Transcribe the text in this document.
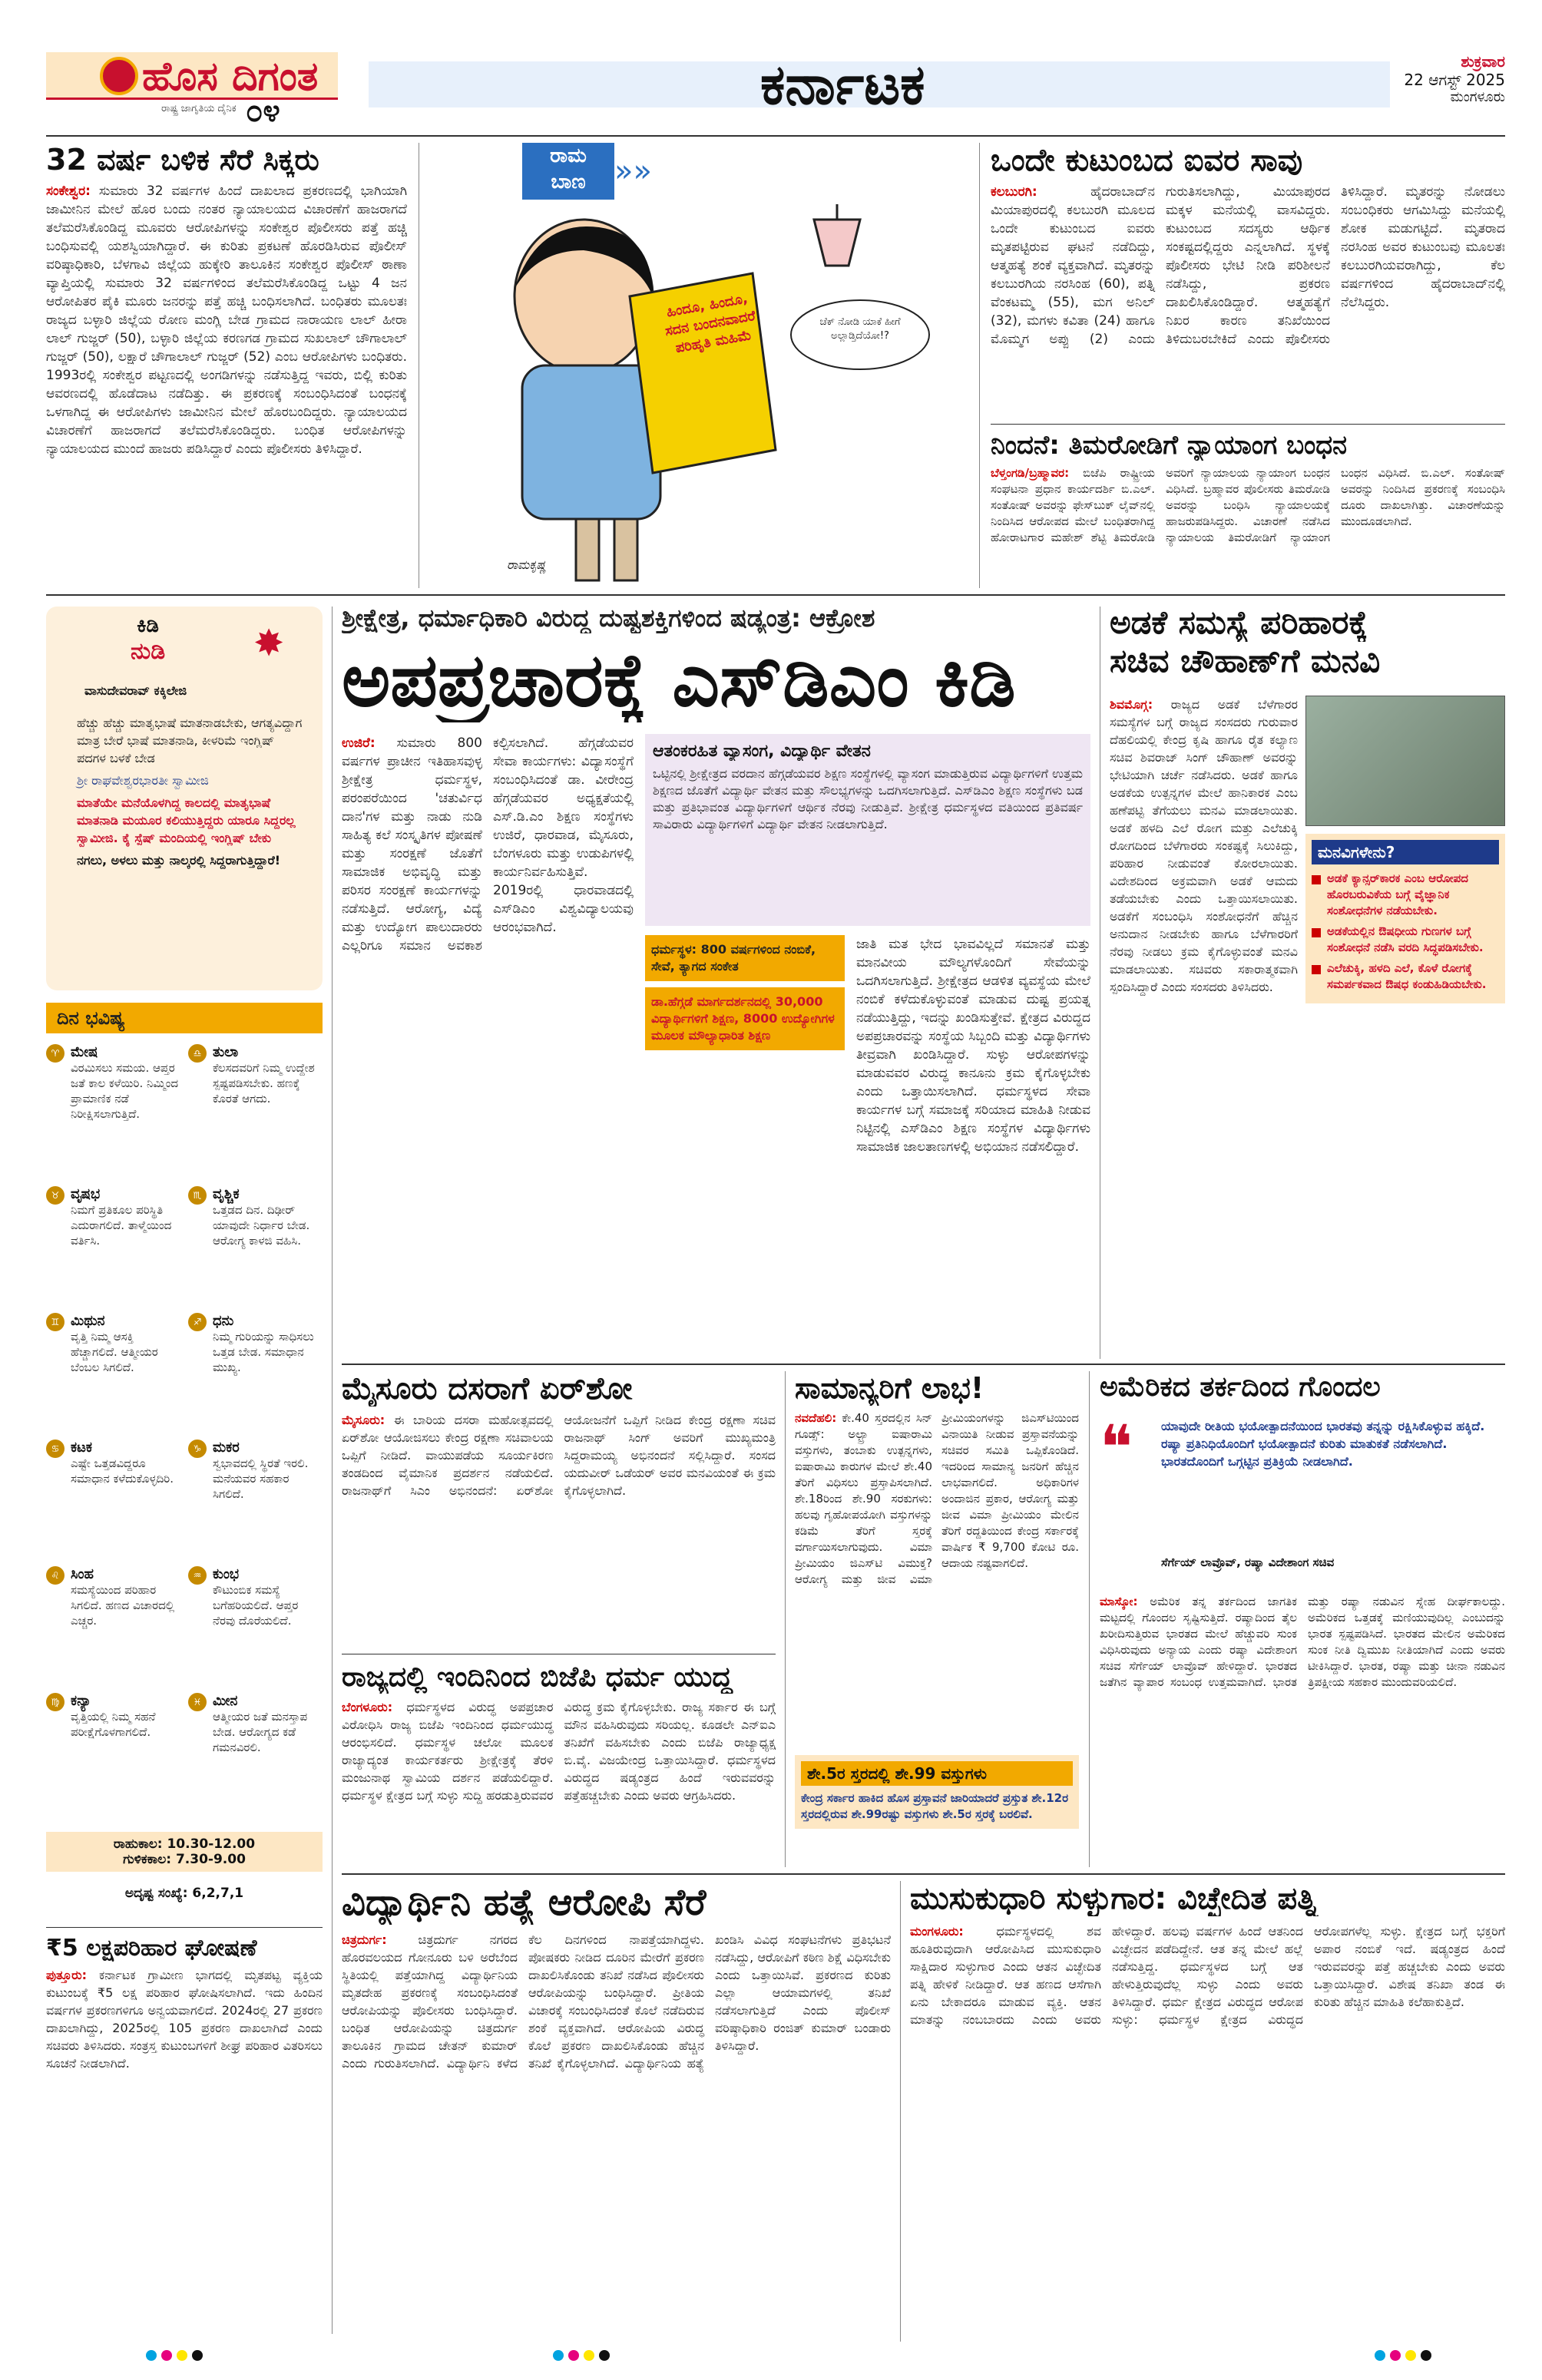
ಹೊಸ ದಿಗಂತ
ರಾಷ್ಟ್ರ ಜಾಗೃತಿಯ ದೈನಿಕ ೦೪	ಕರ್ನಾಟಕ	ಶುಕ್ರವಾರ
22 ಆಗಸ್ಟ್ 2025
ಮಂಗಳೂರು
32 ವರ್ಷ ಬಳಿಕ ಸೆರೆ ಸಿಕ್ಕರು
ಸಂಕೇಶ್ವರ: ಸುಮಾರು 32 ವರ್ಷಗಳ ಹಿಂದೆ ದಾಖಲಾದ ಪ್ರಕರಣದಲ್ಲಿ ಭಾಗಿಯಾಗಿ ಜಾಮೀನಿನ ಮೇಲೆ ಹೊರ ಬಂದು ನಂತರ ನ್ಯಾಯಾಲಯದ ವಿಚಾರಣೆಗೆ ಹಾಜರಾಗದೆ ತಲೆಮರೆಸಿಕೊಂಡಿದ್ದ ಮೂವರು ಆರೋಪಿಗಳನ್ನು ಸಂಕೇಶ್ವರ ಪೊಲೀಸರು ಪತ್ತೆ ಹಚ್ಚಿ ಬಂಧಿಸುವಲ್ಲಿ ಯಶಸ್ವಿಯಾಗಿದ್ದಾರೆ. ಈ ಕುರಿತು ಪ್ರಕಟಣೆ ಹೊರಡಿಸಿರುವ ಪೊಲೀಸ್ ವರಿಷ್ಠಾಧಿಕಾರಿ, ಬೆಳಗಾವಿ ಜಿಲ್ಲೆಯ ಹುಕ್ಕೇರಿ ತಾಲೂಕಿನ ಸಂಕೇಶ್ವರ ಪೊಲೀಸ್ ಠಾಣಾ ವ್ಯಾಪ್ತಿಯಲ್ಲಿ ಸುಮಾರು 32 ವರ್ಷಗಳಿಂದ ತಲೆಮರೆಸಿಕೊಂಡಿದ್ದ ಒಟ್ಟು 4 ಜನ ಆರೋಪಿತರ ಪೈಕಿ ಮೂರು ಜನರನ್ನು ಪತ್ತೆ ಹಚ್ಚಿ ಬಂಧಿಸಲಾಗಿದೆ. ಬಂಧಿತರು ಮೂಲತಃ ರಾಜ್ಯದ ಬಳ್ಳಾರಿ ಜಿಲ್ಲೆಯ ರೋಣ ಮಂಗ್ಲಿ ಬೇಡ ಗ್ರಾಮದ ನಾರಾಯಣ ಲಾಲ್ ಹೀರಾ ಲಾಲ್ ಗುಜ್ಜರ್ (50), ಬಳ್ಳಾರಿ ಜಿಲ್ಲೆಯ ಕರಣಗಡ ಗ್ರಾಮದ ಸುಖಲಾಲ್ ಚೌಗಾಲಾಲ್ ಗುಜ್ಜರ್ (50), ಲಕ್ಷಾರೆ ಚೌಗಾಲಾಲ್ ಗುಜ್ಜರ್ (52) ಎಂಬ ಆರೋಪಿಗಳು ಬಂಧಿತರು. 1993ರಲ್ಲಿ ಸಂಕೇಶ್ವರ ಪಟ್ಟಣದಲ್ಲಿ ಅಂಗಡಿಗಳನ್ನು ನಡೆಸುತ್ತಿದ್ದ ಇವರು, ಬಿಲ್ಲಿ ಕುರಿತು ಆವರಣದಲ್ಲಿ ಹೊಡೆದಾಟ ನಡೆದಿತ್ತು. ಈ ಪ್ರಕರಣಕ್ಕೆ ಸಂಬಂಧಿಸಿದಂತೆ ಬಂಧನಕ್ಕೆ ಒಳಗಾಗಿದ್ದ ಈ ಆರೋಪಿಗಳು ಜಾಮೀನಿನ ಮೇಲೆ ಹೊರಬಂದಿದ್ದರು. ನ್ಯಾಯಾಲಯದ ವಿಚಾರಣೆಗೆ ಹಾಜರಾಗದೆ ತಲೆಮರೆಸಿಕೊಂಡಿದ್ದರು. ಬಂಧಿತ ಆರೋಪಿಗಳನ್ನು ನ್ಯಾಯಾಲಯದ ಮುಂದೆ ಹಾಜರು ಪಡಿಸಿದ್ದಾರೆ ಎಂದು ಪೊಲೀಸರು ತಿಳಿಸಿದ್ದಾರೆ.
ರಾಮ
ಬಾಣ »»
ಹಿಂದೂ, ಹಿಂದೂ, ಸದನ ಬಂದನವಾದರೆ ಪರಿಹೃತಿ ಮಹಿಮೆ
ಚೆಕ್ ನೋಡಿ ಯಾಕೆ ಹೀಗೆ ಅಲ್ಲಾಡ್ತಿದೆಯೋ!?
ರಾಮಕೃಷ್ಣ
ಒಂದೇ ಕುಟುಂಬದ ಐವರ ಸಾವು
ಕಲಬುರಗಿ:	ಹೈದರಾಬಾದ್‌ನ ಮಿಯಾಪುರದಲ್ಲಿ ಕಲಬುರಗಿ ಮೂಲದ ಒಂದೇ ಕುಟುಂಬದ ಐವರು ಮೃತಪಟ್ಟಿರುವ ಘಟನೆ ನಡೆದಿದ್ದು, ಆತ್ಮಹತ್ಯೆ ಶಂಕೆ ವ್ಯಕ್ತವಾಗಿದೆ. ಮೃತರನ್ನು ಕಲಬುರಗಿಯ ನರಸಿಂಹ (60), ಪತ್ನಿ ವೆಂಕಟಮ್ಮ (55), ಮಗ ಅನಿಲ್ (32), ಮಗಳು ಕವಿತಾ (24) ಹಾಗೂ ಮೊಮ್ಮಗ ಅಪ್ಪು (2) ಎಂದು ಗುರುತಿಸಲಾಗಿದ್ದು, ಮಿಯಾಪುರದ ಮಕ್ಕಳ ಮನೆಯಲ್ಲಿ ವಾಸವಿದ್ದರು. ಕುಟುಂಬದ ಸದಸ್ಯರು ಆರ್ಥಿಕ ಸಂಕಷ್ಟದಲ್ಲಿದ್ದರು ಎನ್ನಲಾಗಿದೆ. ಸ್ಥಳಕ್ಕೆ ಪೊಲೀಸರು ಭೇಟಿ ನೀಡಿ ಪರಿಶೀಲನೆ ನಡೆಸಿದ್ದು, ಪ್ರಕರಣ ದಾಖಲಿಸಿಕೊಂಡಿದ್ದಾರೆ. ಆತ್ಮಹತ್ಯೆಗೆ ನಿಖರ ಕಾರಣ ತನಿಖೆಯಿಂದ ತಿಳಿದುಬರಬೇಕಿದೆ ಎಂದು ಪೊಲೀಸರು ತಿಳಿಸಿದ್ದಾರೆ. ಮೃತರನ್ನು ನೋಡಲು ಸಂಬಂಧಿಕರು ಆಗಮಿಸಿದ್ದು ಮನೆಯಲ್ಲಿ ಶೋಕ ಮಡುಗಟ್ಟಿದೆ. ಮೃತರಾದ ನರಸಿಂಹ ಅವರ ಕುಟುಂಬವು ಮೂಲತಃ ಕಲಬುರಗಿಯವರಾಗಿದ್ದು, ಕೆಲ ವರ್ಷಗಳಿಂದ ಹೈದರಾಬಾದ್‌ನಲ್ಲಿ ನೆಲೆಸಿದ್ದರು.
ನಿಂದನೆ: ತಿಮರೋಡಿಗೆ ನ್ಯಾಯಾಂಗ ಬಂಧನ
ಬೆಳ್ತಂಗಡಿ/ಬ್ರಹ್ಮಾವರ: ಬಿಜೆಪಿ ರಾಷ್ಟ್ರೀಯ ಸಂಘಟನಾ ಪ್ರಧಾನ ಕಾರ್ಯದರ್ಶಿ ಬಿ.ಎಲ್. ಸಂತೋಷ್ ಅವರನ್ನು ಫೇಸ್‌ಬುಕ್ ಲೈವ್‌ನಲ್ಲಿ ನಿಂದಿಸಿದ ಆರೋಪದ ಮೇಲೆ ಬಂಧಿತರಾಗಿದ್ದ ಹೋರಾಟಗಾರ ಮಹೇಶ್ ಶೆಟ್ಟಿ ತಿಮರೋಡಿ ಅವರಿಗೆ ನ್ಯಾಯಾಲಯ ನ್ಯಾಯಾಂಗ ಬಂಧನ ವಿಧಿಸಿದೆ. ಬ್ರಹ್ಮಾವರ ಪೊಲೀಸರು ತಿಮರೋಡಿ ಅವರನ್ನು ಬಂಧಿಸಿ ನ್ಯಾಯಾಲಯಕ್ಕೆ ಹಾಜರುಪಡಿಸಿದ್ದರು. ವಿಚಾರಣೆ ನಡೆಸಿದ ನ್ಯಾಯಾಲಯ ತಿಮರೋಡಿಗೆ ನ್ಯಾಯಾಂಗ ಬಂಧನ ವಿಧಿಸಿದೆ. ಬಿ.ಎಲ್. ಸಂತೋಷ್ ಅವರನ್ನು ನಿಂದಿಸಿದ ಪ್ರಕರಣಕ್ಕೆ ಸಂಬಂಧಿಸಿ ದೂರು ದಾಖಲಾಗಿತ್ತು. ವಿಚಾರಣೆಯನ್ನು ಮುಂದೂಡಲಾಗಿದೆ.
ಕಿಡಿ
ನುಡಿ ✸
ವಾಸುದೇವರಾವ್ ಕಕ್ಕಿಲೇಜಿ
ಹೆಚ್ಚು ಹೆಚ್ಚು ಮಾತೃಭಾಷೆ ಮಾತನಾಡಬೇಕು, ಆಗತ್ಯವಿದ್ದಾಗ ಮಾತ್ರ ಬೇರೆ ಭಾಷೆ ಮಾತನಾಡಿ, ಕೀಳರಿಮೆ ಇಂಗ್ಲಿಷ್ ಪದಗಳ ಬಳಕೆ ಬೇಡ
ಶ್ರೀ ರಾಘವೇಶ್ವರಭಾರತೀ ಸ್ವಾಮೀಜಿ
ಮಾತೆಯೇ ಮನೆಯೊಳಗಿದ್ದ ಕಾಲದಲ್ಲಿ ಮಾತೃಭಾಷೆ ಮಾತನಾಡಿ ಮಯೂರ ಕಲಿಯುತ್ತಿದ್ದರು ಯಾರೂ ಸಿದ್ದರಲ್ಲ ಸ್ವಾಮೀಜಿ. ಕೈ ಸ್ಪೆಷ್ ಮಂದಿಯಲ್ಲಿ ಇಂಗ್ಲಿಷ್ ಬೇಕು
ನಗಲು, ಅಳಲು ಮತ್ತು ನಾಲ್ಕರಲ್ಲಿ ಸಿದ್ದರಾಗುತ್ತಿದ್ದಾರೆ!
ದಿನ ಭವಿಷ್ಯ
♈ ಮೇಷ
ವಿರಮಿಸಲು ಸಮಯ. ಆಪ್ತರ ಜತೆ ಕಾಲ ಕಳೆಯಿರಿ. ನಿಮ್ಮಿಂದ ಪ್ರಾಮಾಣಿಕ ನಡೆ ನಿರೀಕ್ಷಿಸಲಾಗುತ್ತಿದೆ.
♎ ತುಲಾ
ಕೆಲಸದವರಿಗೆ ನಿಮ್ಮ ಉದ್ದೇಶ ಸ್ಪಷ್ಟಪಡಿಸಬೇಕು. ಹಣಕ್ಕೆ ಕೊರತೆ ಆಗದು.
♉ ವೃಷಭ
ನಿಮಗೆ ಪ್ರತಿಕೂಲ ಪರಿಸ್ಥಿತಿ ಎದುರಾಗಲಿದೆ. ತಾಳ್ಮೆಯಿಂದ ವರ್ತಿಸಿ.
♏ ವೃಶ್ಚಿಕ
ಒತ್ತಡದ ದಿನ. ದಿಢೀರ್ ಯಾವುದೇ ನಿರ್ಧಾರ ಬೇಡ. ಆರೋಗ್ಯ ಕಾಳಜಿ ವಹಿಸಿ.
♊ ಮಿಥುನ
ವೃತ್ತಿ ನಿಮ್ಮ ಆಸಕ್ತಿ ಹೆಚ್ಚಾಗಲಿದೆ. ಆತ್ಮೀಯರ ಬೆಂಬಲ ಸಿಗಲಿದೆ.
♐ ಧನು
ನಿಮ್ಮ ಗುರಿಯನ್ನು ಸಾಧಿಸಲು ಒತ್ತಡ ಬೇಡ. ಸಮಾಧಾನ ಮುಖ್ಯ.
♋ ಕಟಕ
ಎಷ್ಟೇ ಒತ್ತಡವಿದ್ದರೂ ಸಮಾಧಾನ ಕಳೆದುಕೊಳ್ಳದಿರಿ.
♑ ಮಕರ
ಸ್ವಭಾವದಲ್ಲಿ ಸ್ಥಿರತೆ ಇರಲಿ. ಮನೆಯವರ ಸಹಕಾರ ಸಿಗಲಿದೆ.
♌ ಸಿಂಹ
ಸಮಸ್ಯೆಯಿಂದ ಪರಿಹಾರ ಸಿಗಲಿದೆ. ಹಣದ ವಿಚಾರದಲ್ಲಿ ಎಚ್ಚರ.
♒ ಕುಂಭ
ಕೌಟುಂಬಿಕ ಸಮಸ್ಯೆ ಬಗೆಹರಿಯಲಿದೆ. ಆಪ್ತರ ನೆರವು ದೊರೆಯಲಿದೆ.
♍ ಕನ್ಯಾ
ವೃತ್ತಿಯಲ್ಲಿ ನಿಮ್ಮ ಸಹನೆ ಪರೀಕ್ಷೆಗೊಳಗಾಗಲಿದೆ.
♓ ಮೀನ
ಆತ್ಮೀಯರ ಜತೆ ಮನಸ್ತಾಪ ಬೇಡ. ಆರೋಗ್ಯದ ಕಡೆ ಗಮನವಿರಲಿ.
ರಾಹುಕಾಲ: 10.30-12.00
ಗುಳಿಕಕಾಲ: 7.30-9.00
ಅದೃಷ್ಟ ಸಂಖ್ಯೆ: 6,2,7,1
₹5 ಲಕ್ಷಪರಿಹಾರ ಘೋಷಣೆ
ಪುತ್ತೂರು: ಕರ್ನಾಟಕ ಗ್ರಾಮೀಣ ಭಾಗದಲ್ಲಿ ಮೃತಪಟ್ಟ ವ್ಯಕ್ತಿಯ ಕುಟುಂಬಕ್ಕೆ ₹5 ಲಕ್ಷ ಪರಿಹಾರ ಘೋಷಿಸಲಾಗಿದೆ. ಇದು ಹಿಂದಿನ ವರ್ಷಗಳ ಪ್ರಕರಣಗಳಿಗೂ ಅನ್ವಯವಾಗಲಿದೆ. 2024ರಲ್ಲಿ 27 ಪ್ರಕರಣ ದಾಖಲಾಗಿದ್ದು, 2025ರಲ್ಲಿ 105 ಪ್ರಕರಣ ದಾಖಲಾಗಿದೆ ಎಂದು ಸಚಿವರು ತಿಳಿಸಿದರು. ಸಂತ್ರಸ್ತ ಕುಟುಂಬಗಳಿಗೆ ಶೀಘ್ರ ಪರಿಹಾರ ವಿತರಿಸಲು ಸೂಚನೆ ನೀಡಲಾಗಿದೆ.
ಶ್ರೀಕ್ಷೇತ್ರ, ಧರ್ಮಾಧಿಕಾರಿ ವಿರುದ್ಧ ದುಷ್ಟಶಕ್ತಿಗಳಿಂದ ಷಡ್ಯಂತ್ರ: ಆಕ್ರೋಶ
ಅಪಪ್ರಚಾರಕ್ಕೆ ಎಸ್‌ಡಿಎಂ ಕಿಡಿ
ಉಜಿರೆ: ಸುಮಾರು 800 ವರ್ಷಗಳ ಪ್ರಾಚೀನ ಇತಿಹಾಸವುಳ್ಳ ಶ್ರೀಕ್ಷೇತ್ರ ಧರ್ಮಸ್ಥಳ, ಪರಂಪರೆಯಿಂದ 'ಚತುರ್ವಿಧ ದಾನ'ಗಳ ಮತ್ತು ನಾಡು ನುಡಿ ಸಾಹಿತ್ಯ ಕಲೆ ಸಂಸ್ಕೃತಿಗಳ ಪೋಷಣೆ ಮತ್ತು ಸಂರಕ್ಷಣೆ ಜೊತೆಗೆ ಸಾಮಾಜಿಕ ಅಭಿವೃದ್ಧಿ ಮತ್ತು ಪರಿಸರ ಸಂರಕ್ಷಣೆ ಕಾರ್ಯಗಳನ್ನು ನಡೆಸುತ್ತಿದೆ. ಆರೋಗ್ಯ, ವಿದ್ಯೆ ಮತ್ತು ಉದ್ಯೋಗ ಪಾಲುದಾರರು ಎಲ್ಲರಿಗೂ ಸಮಾನ ಅವಕಾಶ ಕಲ್ಪಿಸಲಾಗಿದೆ. ಹೆಗ್ಗಡೆಯವರ ಸೇವಾ ಕಾರ್ಯಗಳು: ವಿದ್ಯಾಸಂಸ್ಥೆಗೆ ಸಂಬಂಧಿಸಿದಂತೆ ಡಾ. ವೀರೇಂದ್ರ ಹೆಗ್ಗಡೆಯವರ ಅಧ್ಯಕ್ಷತೆಯಲ್ಲಿ ಎಸ್.ಡಿ.ಎಂ ಶಿಕ್ಷಣ ಸಂಸ್ಥೆಗಳು ಉಜಿರೆ, ಧಾರವಾಡ, ಮೈಸೂರು, ಬೆಂಗಳೂರು ಮತ್ತು ಉಡುಪಿಗಳಲ್ಲಿ ಕಾರ್ಯನಿರ್ವಹಿಸುತ್ತಿವೆ. 2019ರಲ್ಲಿ ಧಾರವಾಡದಲ್ಲಿ ಎಸ್‌ಡಿಎಂ ವಿಶ್ವವಿದ್ಯಾಲಯವು ಆರಂಭವಾಗಿದೆ.
ಆತಂಕರಹಿತ ವ್ಯಾಸಂಗ, ವಿದ್ಯಾರ್ಥಿ ವೇತನ
ಒಟ್ಟಿನಲ್ಲಿ ಶ್ರೀಕ್ಷೇತ್ರದ ವರದಾನ ಹೆಗ್ಗಡೆಯವರ ಶಿಕ್ಷಣ ಸಂಸ್ಥೆಗಳಲ್ಲಿ ವ್ಯಾಸಂಗ ಮಾಡುತ್ತಿರುವ ವಿದ್ಯಾರ್ಥಿಗಳಿಗೆ ಉತ್ತಮ ಶಿಕ್ಷಣದ ಜೊತೆಗೆ ವಿದ್ಯಾರ್ಥಿ ವೇತನ ಮತ್ತು ಸೌಲಭ್ಯಗಳನ್ನು ಒದಗಿಸಲಾಗುತ್ತಿದೆ. ಎಸ್‌ಡಿಎಂ ಶಿಕ್ಷಣ ಸಂಸ್ಥೆಗಳು ಬಡ ಮತ್ತು ಪ್ರತಿಭಾವಂತ ವಿದ್ಯಾರ್ಥಿಗಳಿಗೆ ಆರ್ಥಿಕ ನೆರವು ನೀಡುತ್ತಿವೆ. ಶ್ರೀಕ್ಷೇತ್ರ ಧರ್ಮಸ್ಥಳದ ವತಿಯಿಂದ ಪ್ರತಿವರ್ಷ ಸಾವಿರಾರು ವಿದ್ಯಾರ್ಥಿಗಳಿಗೆ ವಿದ್ಯಾರ್ಥಿ ವೇತನ ನೀಡಲಾಗುತ್ತಿದೆ.
ಧರ್ಮಸ್ಥಳ: 800 ವರ್ಷಗಳಿಂದ ನಂಬಿಕೆ, ಸೇವೆ, ತ್ಯಾಗದ ಸಂಕೇತ
ಡಾ.ಹೆಗ್ಗಡೆ ಮಾರ್ಗದರ್ಶನದಲ್ಲಿ 30,000 ವಿದ್ಯಾರ್ಥಿಗಳಿಗೆ ಶಿಕ್ಷಣ, 8000 ಉದ್ಯೋಗಿಗಳ ಮೂಲಕ ಮೌಲ್ಯಾಧಾರಿತ ಶಿಕ್ಷಣ
ಜಾತಿ ಮತ ಭೇದ ಭಾವವಿಲ್ಲದೆ ಸಮಾನತೆ ಮತ್ತು ಮಾನವೀಯ ಮೌಲ್ಯಗಳೊಂದಿಗೆ ಸೇವೆಯನ್ನು ಒದಗಿಸಲಾಗುತ್ತಿದೆ. ಶ್ರೀಕ್ಷೇತ್ರದ ಆಡಳಿತ ವ್ಯವಸ್ಥೆಯ ಮೇಲೆ ನಂಬಿಕೆ ಕಳೆದುಕೊಳ್ಳುವಂತೆ ಮಾಡುವ ದುಷ್ಟ ಪ್ರಯತ್ನ ನಡೆಯುತ್ತಿದ್ದು, ಇದನ್ನು ಖಂಡಿಸುತ್ತೇವೆ. ಕ್ಷೇತ್ರದ ವಿರುದ್ಧದ ಅಪಪ್ರಚಾರವನ್ನು ಸಂಸ್ಥೆಯ ಸಿಬ್ಬಂದಿ ಮತ್ತು ವಿದ್ಯಾರ್ಥಿಗಳು ತೀವ್ರವಾಗಿ ಖಂಡಿಸಿದ್ದಾರೆ. ಸುಳ್ಳು ಆರೋಪಗಳನ್ನು ಮಾಡುವವರ ವಿರುದ್ಧ ಕಾನೂನು ಕ್ರಮ ಕೈಗೊಳ್ಳಬೇಕು ಎಂದು ಒತ್ತಾಯಿಸಲಾಗಿದೆ. ಧರ್ಮಸ್ಥಳದ ಸೇವಾ ಕಾರ್ಯಗಳ ಬಗ್ಗೆ ಸಮಾಜಕ್ಕೆ ಸರಿಯಾದ ಮಾಹಿತಿ ನೀಡುವ ನಿಟ್ಟಿನಲ್ಲಿ ಎಸ್‌ಡಿಎಂ ಶಿಕ್ಷಣ ಸಂಸ್ಥೆಗಳ ವಿದ್ಯಾರ್ಥಿಗಳು ಸಾಮಾಜಿಕ ಜಾಲತಾಣಗಳಲ್ಲಿ ಅಭಿಯಾನ ನಡೆಸಲಿದ್ದಾರೆ.
ಅಡಕೆ ಸಮಸ್ಯೆ ಪರಿಹಾರಕ್ಕೆ
ಸಚಿವ ಚೌಹಾಣ್‌ಗೆ ಮನವಿ
ಶಿವಮೊಗ್ಗ: ರಾಜ್ಯದ ಅಡಕೆ ಬೆಳೆಗಾರರ ಸಮಸ್ಯೆಗಳ ಬಗ್ಗೆ ರಾಜ್ಯದ ಸಂಸದರು ಗುರುವಾರ ದೆಹಲಿಯಲ್ಲಿ ಕೇಂದ್ರ ಕೃಷಿ ಹಾಗೂ ರೈತ ಕಲ್ಯಾಣ ಸಚಿವ ಶಿವರಾಜ್ ಸಿಂಗ್ ಚೌಹಾಣ್ ಅವರನ್ನು ಭೇಟಿಯಾಗಿ ಚರ್ಚೆ ನಡೆಸಿದರು. ಅಡಕೆ ಹಾಗೂ ಅಡಕೆಯ ಉತ್ಪನ್ನಗಳ ಮೇಲೆ ಹಾನಿಕಾರಕ ಎಂಬ ಹಣೆಪಟ್ಟಿ ತೆಗೆಯಲು ಮನವಿ ಮಾಡಲಾಯಿತು. ಅಡಕೆ ಹಳದಿ ಎಲೆ ರೋಗ ಮತ್ತು ಎಲೆಚುಕ್ಕಿ ರೋಗದಿಂದ ಬೆಳೆಗಾರರು ಸಂಕಷ್ಟಕ್ಕೆ ಸಿಲುಕಿದ್ದು, ಪರಿಹಾರ ನೀಡುವಂತೆ ಕೋರಲಾಯಿತು. ವಿದೇಶದಿಂದ ಅಕ್ರಮವಾಗಿ ಅಡಕೆ ಆಮದು ತಡೆಯಬೇಕು ಎಂದು ಒತ್ತಾಯಿಸಲಾಯಿತು. ಅಡಕೆಗೆ ಸಂಬಂಧಿಸಿ ಸಂಶೋಧನೆಗೆ ಹೆಚ್ಚಿನ ಅನುದಾನ ನೀಡಬೇಕು ಹಾಗೂ ಬೆಳೆಗಾರರಿಗೆ ನೆರವು ನೀಡಲು ಕ್ರಮ ಕೈಗೊಳ್ಳುವಂತೆ ಮನವಿ ಮಾಡಲಾಯಿತು. ಸಚಿವರು ಸಕಾರಾತ್ಮಕವಾಗಿ ಸ್ಪಂದಿಸಿದ್ದಾರೆ ಎಂದು ಸಂಸದರು ತಿಳಿಸಿದರು.
ಮನವಿಗಳೇನು?
ಅಡಕೆ ಕ್ಯಾನ್ಸರ್‌ಕಾರಕ ಎಂಬ ಆರೋಪದ ಹೊರಬರುವಿಕೆಯ ಬಗ್ಗೆ ವೈಜ್ಞಾನಿಕ ಸಂಶೋಧನೆಗಳ ನಡೆಯಬೇಕು.
ಅಡಕೆಯಲ್ಲಿನ ಔಷಧೀಯ ಗುಣಗಳ ಬಗ್ಗೆ ಸಂಶೋಧನೆ ನಡೆಸಿ ವರದಿ ಸಿದ್ಧಪಡಿಸಬೇಕು.
ಎಲೆಚುಕ್ಕಿ, ಹಳದಿ ಎಲೆ, ಕೊಳೆ ರೋಗಕ್ಕೆ ಸಮರ್ಪಕವಾದ ಔಷಧ ಕಂಡುಹಿಡಿಯಬೇಕು.
ಮೈಸೂರು ದಸರಾಗೆ ಏರ್‌ಶೋ
ಮೈಸೂರು: ಈ ಬಾರಿಯ ದಸರಾ ಮಹೋತ್ಸವದಲ್ಲಿ ಏರ್‌ಶೋ ಆಯೋಜಿಸಲು ಕೇಂದ್ರ ರಕ್ಷಣಾ ಸಚಿವಾಲಯ ಒಪ್ಪಿಗೆ ನೀಡಿದೆ. ವಾಯುಪಡೆಯ ಸೂರ್ಯಕಿರಣ ತಂಡದಿಂದ ವೈಮಾನಿಕ ಪ್ರದರ್ಶನ ನಡೆಯಲಿದೆ. ರಾಜನಾಥ್‌ಗೆ ಸಿಎಂ ಅಭಿನಂದನೆ: ಏರ್‌ಶೋ ಆಯೋಜನೆಗೆ ಒಪ್ಪಿಗೆ ನೀಡಿದ ಕೇಂದ್ರ ರಕ್ಷಣಾ ಸಚಿವ ರಾಜನಾಥ್ ಸಿಂಗ್ ಅವರಿಗೆ ಮುಖ್ಯಮಂತ್ರಿ ಸಿದ್ದರಾಮಯ್ಯ ಅಭಿನಂದನೆ ಸಲ್ಲಿಸಿದ್ದಾರೆ. ಸಂಸದ ಯದುವೀರ್ ಒಡೆಯರ್ ಅವರ ಮನವಿಯಂತೆ ಈ ಕ್ರಮ ಕೈಗೊಳ್ಳಲಾಗಿದೆ.
ರಾಜ್ಯದಲ್ಲಿ ಇಂದಿನಿಂದ ಬಿಜೆಪಿ ಧರ್ಮ ಯುದ್ಧ
ಬೆಂಗಳೂರು: ಧರ್ಮಸ್ಥಳದ ವಿರುದ್ಧ ಅಪಪ್ರಚಾರ ವಿರೋಧಿಸಿ ರಾಜ್ಯ ಬಿಜೆಪಿ ಇಂದಿನಿಂದ ಧರ್ಮಯುದ್ಧ ಆರಂಭಿಸಲಿದೆ. ಧರ್ಮಸ್ಥಳ ಚಲೋ ಮೂಲಕ ರಾಜ್ಯಾದ್ಯಂತ ಕಾರ್ಯಕರ್ತರು ಶ್ರೀಕ್ಷೇತ್ರಕ್ಕೆ ತೆರಳಿ ಮಂಜುನಾಥ ಸ್ವಾಮಿಯ ದರ್ಶನ ಪಡೆಯಲಿದ್ದಾರೆ. ಧರ್ಮಸ್ಥಳ ಕ್ಷೇತ್ರದ ಬಗ್ಗೆ ಸುಳ್ಳು ಸುದ್ದಿ ಹರಡುತ್ತಿರುವವರ ವಿರುದ್ಧ ಕ್ರಮ ಕೈಗೊಳ್ಳಬೇಕು. ರಾಜ್ಯ ಸರ್ಕಾರ ಈ ಬಗ್ಗೆ ಮೌನ ವಹಿಸಿರುವುದು ಸರಿಯಲ್ಲ. ಕೂಡಲೇ ಎನ್‌ಐಎ ತನಿಖೆಗೆ ವಹಿಸಬೇಕು ಎಂದು ಬಿಜೆಪಿ ರಾಜ್ಯಾಧ್ಯಕ್ಷ ಬಿ.ವೈ. ವಿಜಯೇಂದ್ರ ಒತ್ತಾಯಿಸಿದ್ದಾರೆ. ಧರ್ಮಸ್ಥಳದ ವಿರುದ್ಧದ ಷಡ್ಯಂತ್ರದ ಹಿಂದೆ ಇರುವವರನ್ನು ಪತ್ತೆಹಚ್ಚಬೇಕು ಎಂದು ಅವರು ಆಗ್ರಹಿಸಿದರು.
ಸಾಮಾನ್ಯರಿಗೆ ಲಾಭ!
ನವದೆಹಲಿ: ಕೇ.40 ಸ್ತರದಲ್ಲಿನ ಸಿನ್ ಗೂಡ್ಸ್: ಅಲ್ಟ್ರಾ ಐಷಾರಾಮಿ ವಸ್ತುಗಳು, ತಂಬಾಕು ಉತ್ಪನ್ನಗಳು, ಐಷಾರಾಮಿ ಕಾರುಗಳ ಮೇಲೆ ಶೇ.40 ತೆರಿಗೆ ವಿಧಿಸಲು ಪ್ರಸ್ತಾಪಿಸಲಾಗಿದೆ. ಶೇ.18ರಿಂದ ಶೇ.90 ಸರಕುಗಳು: ಹಲವು ಗೃಹೋಪಯೋಗಿ ವಸ್ತುಗಳನ್ನು ಕಡಿಮೆ ತೆರಿಗೆ ಸ್ತರಕ್ಕೆ ವರ್ಗಾಯಿಸಲಾಗುವುದು. ವಿಮಾ ಪ್ರೀಮಿಯಂ ಜಿಎಸ್‌ಟಿ ವಿಮುಕ್ತ? ಆರೋಗ್ಯ ಮತ್ತು ಜೀವ ವಿಮಾ ಪ್ರೀಮಿಯಂಗಳನ್ನು ಜಿಎಸ್‌ಟಿಯಿಂದ ವಿನಾಯಿತಿ ನೀಡುವ ಪ್ರಸ್ತಾವನೆಯನ್ನು ಸಚಿವರ ಸಮಿತಿ ಒಪ್ಪಿಕೊಂಡಿದೆ. ಇದರಿಂದ ಸಾಮಾನ್ಯ ಜನರಿಗೆ ಹೆಚ್ಚಿನ ಲಾಭವಾಗಲಿದೆ. ಅಧಿಕಾರಿಗಳ ಅಂದಾಜಿನ ಪ್ರಕಾರ, ಆರೋಗ್ಯ ಮತ್ತು ಜೀವ ವಿಮಾ ಪ್ರೀಮಿಯಂ ಮೇಲಿನ ತೆರಿಗೆ ರದ್ದತಿಯಿಂದ ಕೇಂದ್ರ ಸರ್ಕಾರಕ್ಕೆ ವಾರ್ಷಿಕ ₹ 9,700 ಕೋಟಿ ರೂ. ಆದಾಯ ನಷ್ಟವಾಗಲಿದೆ.
ಶೇ.5ರ ಸ್ತರದಲ್ಲಿ ಶೇ.99 ವಸ್ತುಗಳು
ಕೇಂದ್ರ ಸರ್ಕಾರ ಹಾಕಿದ ಹೊಸ ಪ್ರಸ್ತಾವನೆ ಜಾರಿಯಾದರೆ ಪ್ರಸ್ತುತ ಶೇ.12ರ ಸ್ತರದಲ್ಲಿರುವ ಶೇ.99ರಷ್ಟು ವಸ್ತುಗಳು ಶೇ.5ರ ಸ್ತರಕ್ಕೆ ಬರಲಿವೆ.
ಅಮೆರಿಕದ ತರ್ಕದಿಂದ ಗೊಂದಲ
❝ ಯಾವುದೇ ರೀತಿಯ ಭಯೋತ್ಪಾದನೆಯಿಂದ ಭಾರತವು ತನ್ನನ್ನು ರಕ್ಷಿಸಿಕೊಳ್ಳುವ ಹಕ್ಕಿದೆ. ರಷ್ಯಾ ಪ್ರತಿನಿಧಿಯೊಂದಿಗೆ ಭಯೋತ್ಪಾದನೆ ಕುರಿತು ಮಾತುಕತೆ ನಡೆಸಲಾಗಿದೆ. ಭಾರತದೊಂದಿಗೆ ಒಗ್ಗಟ್ಟಿನ ಪ್ರತಿಕ್ರಿಯೆ ನೀಡಲಾಗಿದೆ.
ಸೆರ್ಗೆಯ್ ಲಾವ್ರೊವ್, ರಷ್ಯಾ ವಿದೇಶಾಂಗ ಸಚಿವ
ಮಾಸ್ಕೋ: ಅಮೆರಿಕ ತನ್ನ ತರ್ಕದಿಂದ ಜಾಗತಿಕ ಮಟ್ಟದಲ್ಲಿ ಗೊಂದಲ ಸೃಷ್ಟಿಸುತ್ತಿದೆ. ರಷ್ಯಾದಿಂದ ತೈಲ ಖರೀದಿಸುತ್ತಿರುವ ಭಾರತದ ಮೇಲೆ ಹೆಚ್ಚುವರಿ ಸುಂಕ ವಿಧಿಸಿರುವುದು ಅನ್ಯಾಯ ಎಂದು ರಷ್ಯಾ ವಿದೇಶಾಂಗ ಸಚಿವ ಸೆರ್ಗೆಯ್ ಲಾವ್ರೊವ್ ಹೇಳಿದ್ದಾರೆ. ಭಾರತದ ಜತೆಗಿನ ವ್ಯಾಪಾರ ಸಂಬಂಧ ಉತ್ತಮವಾಗಿದೆ. ಭಾರತ ಮತ್ತು ರಷ್ಯಾ ನಡುವಿನ ಸ್ನೇಹ ದೀರ್ಘಕಾಲದ್ದು. ಅಮೆರಿಕದ ಒತ್ತಡಕ್ಕೆ ಮಣಿಯುವುದಿಲ್ಲ ಎಂಬುದನ್ನು ಭಾರತ ಸ್ಪಷ್ಟಪಡಿಸಿದೆ. ಭಾರತದ ಮೇಲಿನ ಅಮೆರಿಕದ ಸುಂಕ ನೀತಿ ದ್ವಿಮುಖ ನೀತಿಯಾಗಿದೆ ಎಂದು ಅವರು ಟೀಕಿಸಿದ್ದಾರೆ. ಭಾರತ, ರಷ್ಯಾ ಮತ್ತು ಚೀನಾ ನಡುವಿನ ತ್ರಿಪಕ್ಷೀಯ ಸಹಕಾರ ಮುಂದುವರಿಯಲಿದೆ.
ವಿದ್ಯಾರ್ಥಿನಿ ಹತ್ಯೆ ಆರೋಪಿ ಸೆರೆ
ಚಿತ್ರದುರ್ಗ:	ಚಿತ್ರದುರ್ಗ ನಗರದ ಹೊರವಲಯದ ಗೋನೂರು ಬಳಿ ಅರೆಬೆಂದ ಸ್ಥಿತಿಯಲ್ಲಿ ಪತ್ತೆಯಾಗಿದ್ದ ವಿದ್ಯಾರ್ಥಿನಿಯ ಮೃತದೇಹ ಪ್ರಕರಣಕ್ಕೆ ಸಂಬಂಧಿಸಿದಂತೆ ಆರೋಪಿಯನ್ನು ಪೊಲೀಸರು ಬಂಧಿಸಿದ್ದಾರೆ. ಬಂಧಿತ ಆರೋಪಿಯನ್ನು ಚಿತ್ರದುರ್ಗ ತಾಲೂಕಿನ ಗ್ರಾಮದ ಚೇತನ್ ಕುಮಾರ್ ಎಂದು ಗುರುತಿಸಲಾಗಿದೆ. ವಿದ್ಯಾರ್ಥಿನಿ ಕಳೆದ ಕೆಲ ದಿನಗಳಿಂದ ನಾಪತ್ತೆಯಾಗಿದ್ದಳು. ಪೋಷಕರು ನೀಡಿದ ದೂರಿನ ಮೇರೆಗೆ ಪ್ರಕರಣ ದಾಖಲಿಸಿಕೊಂಡು ತನಿಖೆ ನಡೆಸಿದ ಪೊಲೀಸರು ಆರೋಪಿಯನ್ನು ಬಂಧಿಸಿದ್ದಾರೆ. ಪ್ರೀತಿಯ ವಿಚಾರಕ್ಕೆ ಸಂಬಂಧಿಸಿದಂತೆ ಕೊಲೆ ನಡೆದಿರುವ ಶಂಕೆ ವ್ಯಕ್ತವಾಗಿದೆ. ಆರೋಪಿಯ ವಿರುದ್ಧ ಕೊಲೆ ಪ್ರಕರಣ ದಾಖಲಿಸಿಕೊಂಡು ಹೆಚ್ಚಿನ ತನಿಖೆ ಕೈಗೊಳ್ಳಲಾಗಿದೆ. ವಿದ್ಯಾರ್ಥಿನಿಯ ಹತ್ಯೆ ಖಂಡಿಸಿ ವಿವಿಧ ಸಂಘಟನೆಗಳು ಪ್ರತಿಭಟನೆ ನಡೆಸಿದ್ದು, ಆರೋಪಿಗೆ ಕಠಿಣ ಶಿಕ್ಷೆ ವಿಧಿಸಬೇಕು ಎಂದು ಒತ್ತಾಯಿಸಿವೆ. ಪ್ರಕರಣದ ಕುರಿತು ಎಲ್ಲಾ ಆಯಾಮಗಳಲ್ಲಿ ತನಿಖೆ ನಡೆಸಲಾಗುತ್ತಿದೆ ಎಂದು ಪೊಲೀಸ್ ವರಿಷ್ಠಾಧಿಕಾರಿ ರಂಜಿತ್ ಕುಮಾರ್ ಬಂಡಾರು ತಿಳಿಸಿದ್ದಾರೆ.
ಮುಸುಕುಧಾರಿ ಸುಳ್ಳುಗಾರ: ವಿಚ್ಛೇದಿತ ಪತ್ನಿ
ಮಂಗಳೂರು:	ಧರ್ಮಸ್ಥಳದಲ್ಲಿ ಶವ ಹೂತಿರುವುದಾಗಿ ಆರೋಪಿಸಿದ ಮುಸುಕುಧಾರಿ ಸಾಕ್ಷಿದಾರ ಸುಳ್ಳುಗಾರ ಎಂದು ಆತನ ವಿಚ್ಛೇದಿತ ಪತ್ನಿ ಹೇಳಿಕೆ ನೀಡಿದ್ದಾರೆ. ಆತ ಹಣದ ಆಸೆಗಾಗಿ ಏನು ಬೇಕಾದರೂ ಮಾಡುವ ವ್ಯಕ್ತಿ. ಆತನ ಮಾತನ್ನು ನಂಬಬಾರದು ಎಂದು ಅವರು ಹೇಳಿದ್ದಾರೆ. ಹಲವು ವರ್ಷಗಳ ಹಿಂದೆ ಆತನಿಂದ ವಿಚ್ಛೇದನ ಪಡೆದಿದ್ದೇನೆ. ಆತ ತನ್ನ ಮೇಲೆ ಹಲ್ಲೆ ನಡೆಸುತ್ತಿದ್ದ. ಧರ್ಮಸ್ಥಳದ ಬಗ್ಗೆ ಆತ ಹೇಳುತ್ತಿರುವುದೆಲ್ಲ ಸುಳ್ಳು ಎಂದು ಅವರು ತಿಳಿಸಿದ್ದಾರೆ. ಧರ್ಮ ಕ್ಷೇತ್ರದ ವಿರುದ್ಧದ ಆರೋಪ ಸುಳ್ಳು: ಧರ್ಮಸ್ಥಳ ಕ್ಷೇತ್ರದ ವಿರುದ್ಧದ ಆರೋಪಗಳೆಲ್ಲ ಸುಳ್ಳು. ಕ್ಷೇತ್ರದ ಬಗ್ಗೆ ಭಕ್ತರಿಗೆ ಅಪಾರ ನಂಬಿಕೆ ಇದೆ. ಷಡ್ಯಂತ್ರದ ಹಿಂದೆ ಇರುವವರನ್ನು ಪತ್ತೆ ಹಚ್ಚಬೇಕು ಎಂದು ಅವರು ಒತ್ತಾಯಿಸಿದ್ದಾರೆ. ವಿಶೇಷ ತನಿಖಾ ತಂಡ ಈ ಕುರಿತು ಹೆಚ್ಚಿನ ಮಾಹಿತಿ ಕಲೆಹಾಕುತ್ತಿದೆ.
